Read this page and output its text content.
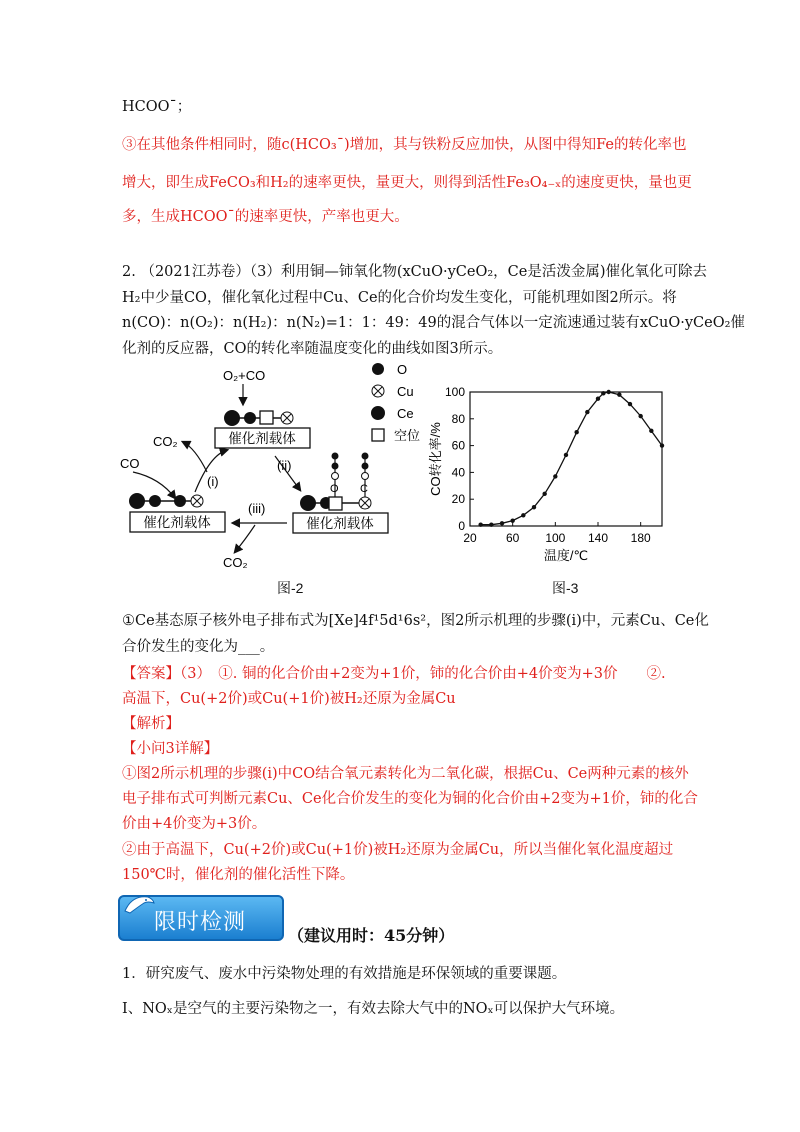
HCOOˉ；
③在其他条件相同时，随c(HCO₃ˉ)增加，其与铁粉反应加快，从图中得知Fe的转化率也
增大，即生成FeCO₃和H₂的速率更快，量更大，则得到活性Fe₃O₄₋ₓ的速度更快，量也更
多，生成HCOOˉ的速率更快，产率也更大。
2. （2021江苏卷）（3）利用铜—铈氧化物(xCuO·yCeO₂，Ce是活泼金属)催化氧化可除去
H₂中少量CO，催化氧化过程中Cu、Ce的化合价均发生变化，可能机理如图2所示。将
n(CO)：n(O₂)：n(H₂)：n(N₂)=1：1：49：49的混合气体以一定流速通过装有xCuO·yCeO₂催
化剂的反应器，CO的转化率随温度变化的曲线如图3所示。
O₂+CO
催化剂载体
CO
催化剂载体
CO₂
(i)
(ii)
O C
催化剂载体
(iii)
CO₂
O
Cu
Ce
空位
图-2
0
20
40
60
80
100
20 60 100 140 180
温度/℃
CO转化率/%
图-3
①Ce基态原子核外电子排布式为[Xe]4f¹5d¹6s²，图2所示机理的步骤(i)中，元素Cu、Ce化
合价发生的变化为___。
【答案】（3）　①. 铜的化合价由+2变为+1价，铈的化合价由+4价变为+3价　　②.
高温下，Cu(+2价)或Cu(+1价)被H₂还原为金属Cu
【解析】
【小问3详解】
①图2所示机理的步骤(i)中CO结合氧元素转化为二氧化碳，根据Cu、Ce两种元素的核外
电子排布式可判断元素Cu、Ce化合价发生的变化为铜的化合价由+2变为+1价，铈的化合
价由+4价变为+3价。
②由于高温下，Cu(+2价)或Cu(+1价)被H₂还原为金属Cu，所以当催化氧化温度超过
150℃时，催化剂的催化活性下降。
限时检测
（建议用时：45分钟）
1．研究废气、废水中污染物处理的有效措施是环保领域的重要课题。
Ⅰ、NOₓ是空气的主要污染物之一，有效去除大气中的NOₓ可以保护大气环境。
